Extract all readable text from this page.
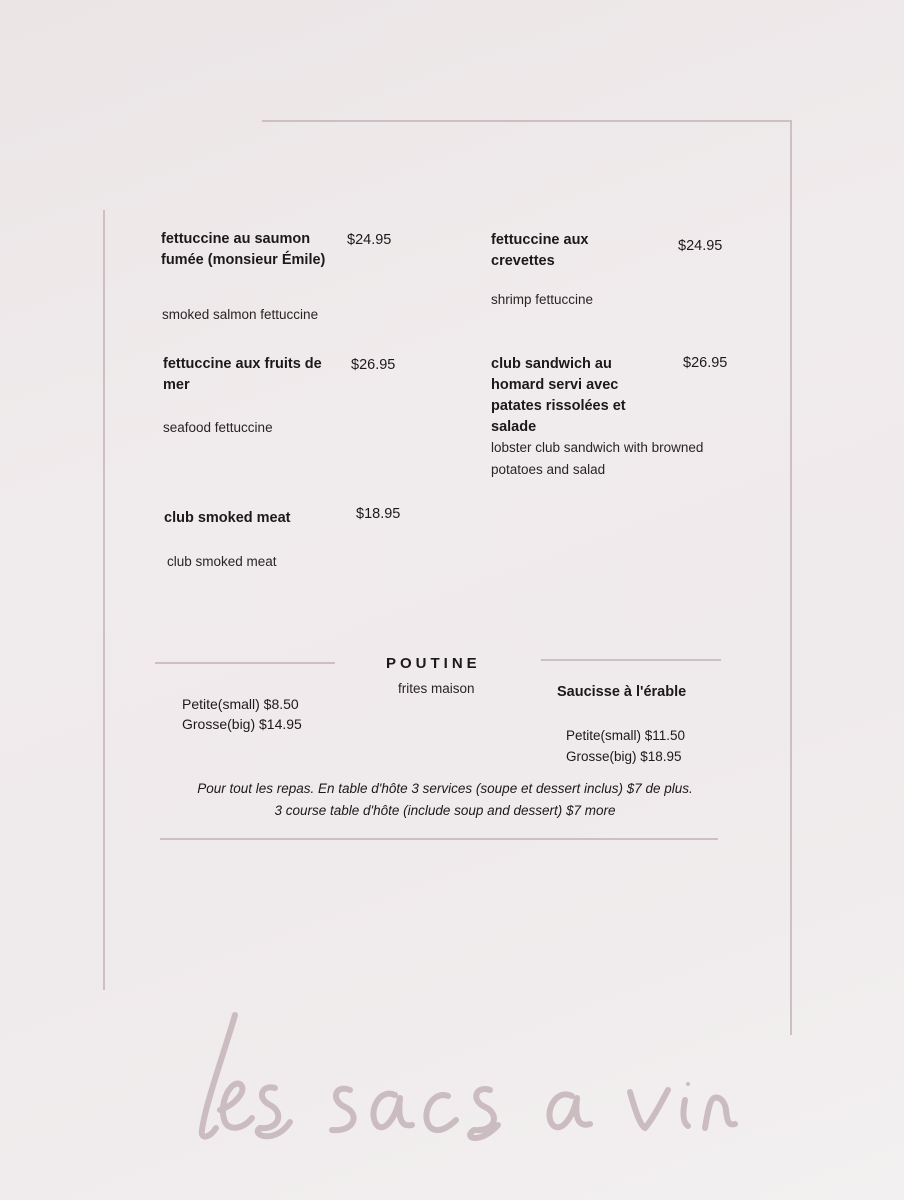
fettuccine au saumon fumée (monsieur Émile)
$24.95
smoked salmon fettuccine
fettuccine aux crevettes
$24.95
shrimp fettuccine
fettuccine aux fruits de mer
$26.95
seafood fettuccine
club sandwich au homard servi avec patates rissolées et salade
$26.95
lobster club sandwich with browned potatoes and salad
club smoked meat	$18.95
club smoked meat
POUTINE
frites maison
Petite(small) $8.50
Grosse(big) $14.95
Saucisse à l'érable
Petite(small) $11.50
Grosse(big) $18.95
Pour tout les repas. En table d'hôte 3 services (soupe et dessert inclus) $7 de plus.
3 course table d'hôte (include soup and dessert) $7 more
